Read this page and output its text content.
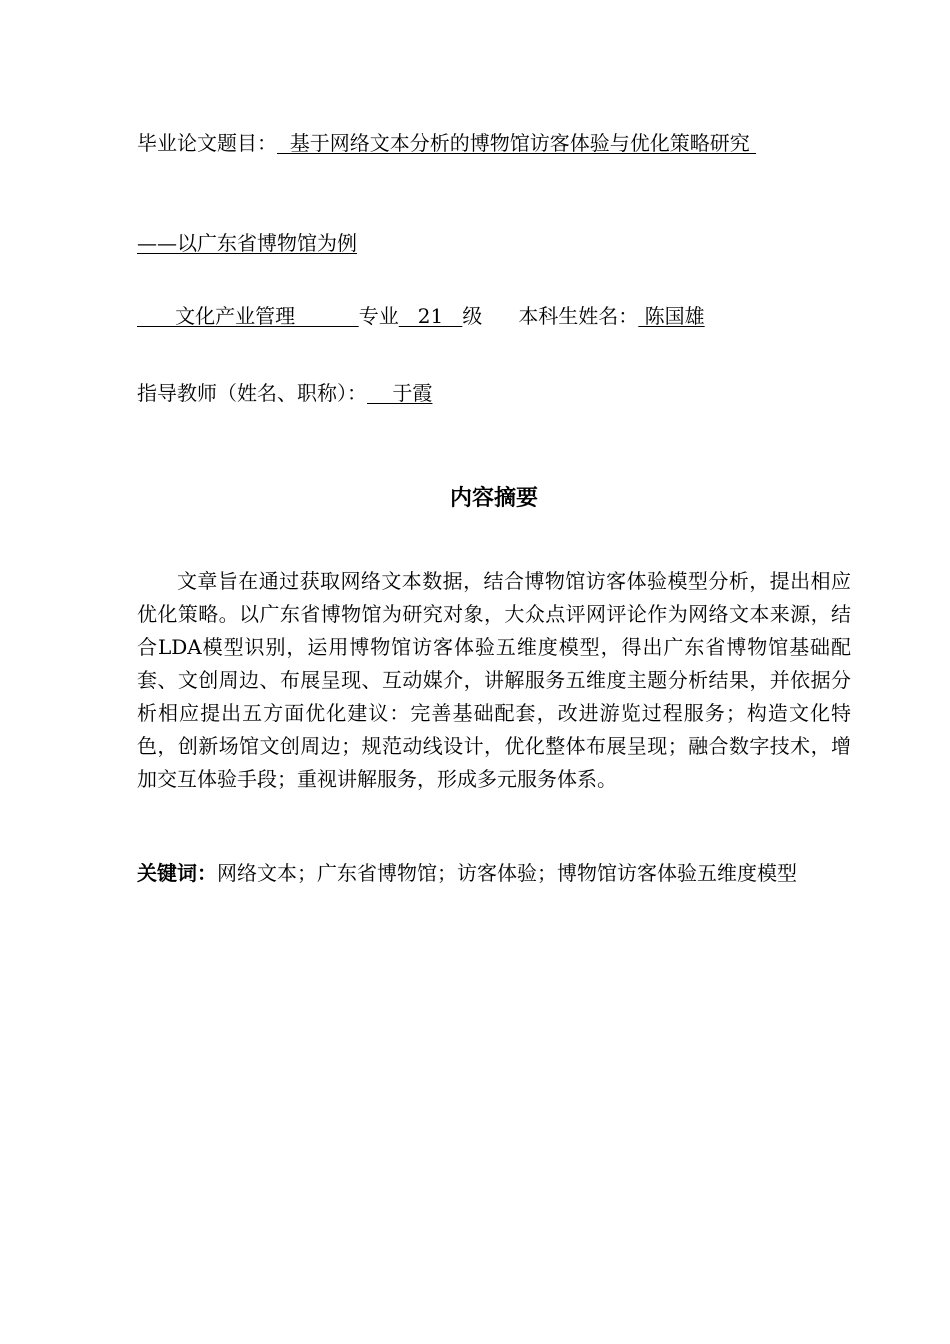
毕业论文题目：  基于网络文本分析的博物馆访客体验与优化策略研究
——以广东省博物馆为例
文化产业管理          专业   21   级 本科生姓名： 陈国雄
指导教师（姓名、职称）：    于霞
内容摘要

文章旨在通过获取网络文本数据，结合博物馆访客体验模型分析，提出相应优化策略。以广东省博物馆为研究对象，大众点评网评论作为网络文本来源，结合LDA模型识别，运用博物馆访客体验五维度模型，得出广东省博物馆基础配套、文创周边、布展呈现、互动媒介，讲解服务五维度主题分析结果，并依据分析相应提出五方面优化建议：完善基础配套，改进游览过程服务；构造文化特色，创新场馆文创周边；规范动线设计，优化整体布展呈现；融合数字技术，增加交互体验手段；重视讲解服务，形成多元服务体系。

关键词：网络文本；广东省博物馆；访客体验；博物馆访客体验五维度模型
